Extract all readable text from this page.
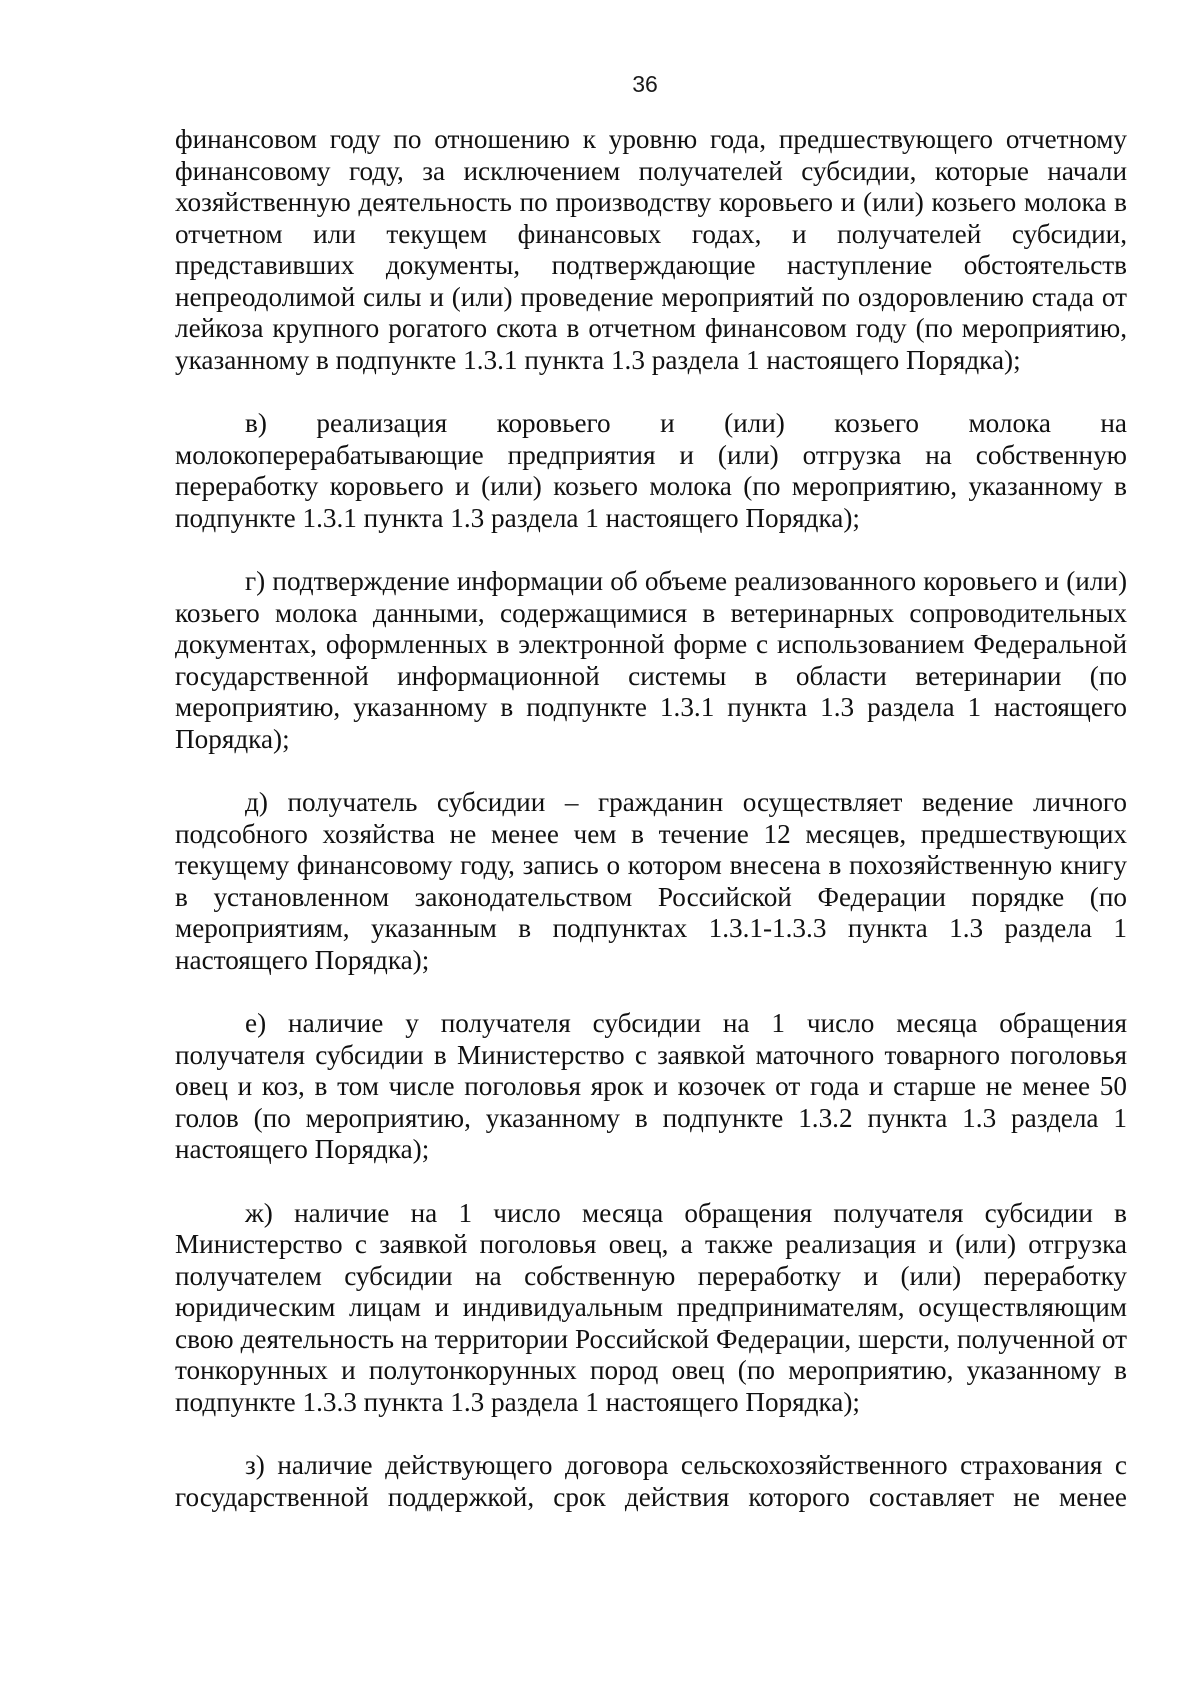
36

финансовом году по отношению к уровню года, предшествующего отчетному финансовому году, за исключением получателей субсидии, которые начали хозяйственную деятельность по производству коровьего и (или) козьего молока в отчетном или текущем финансовых годах, и получателей субсидии, представивших документы, подтверждающие наступление обстоятельств непреодолимой силы и (или) проведение мероприятий по оздоровлению стада от лейкоза крупного рогатого скота в отчетном финансовом году (по мероприятию, указанному в подпункте 1.3.1 пункта 1.3 раздела 1 настоящего Порядка);

в) реализация коровьего и (или) козьего молока на молокоперерабатывающие предприятия и (или) отгрузка на собственную переработку коровьего и (или) козьего молока (по мероприятию, указанному в подпункте 1.3.1 пункта 1.3 раздела 1 настоящего Порядка);

г) подтверждение информации об объеме реализованного коровьего и (или) козьего молока данными, содержащимися в ветеринарных сопроводительных документах, оформленных в электронной форме с использованием Федеральной государственной информационной системы в области ветеринарии (по мероприятию, указанному в подпункте 1.3.1 пункта 1.3 раздела 1 настоящего Порядка);

д) получатель субсидии – гражданин осуществляет ведение личного подсобного хозяйства не менее чем в течение 12 месяцев, предшествующих текущему финансовому году, запись о котором внесена в похозяйственную книгу в установленном законодательством Российской Федерации порядке (по мероприятиям, указанным в подпунктах 1.3.1-1.3.3 пункта 1.3 раздела 1 настоящего Порядка);

е) наличие у получателя субсидии на 1 число месяца обращения получателя субсидии в Министерство с заявкой маточного товарного поголовья овец и коз, в том числе поголовья ярок и козочек от года и старше не менее 50 голов (по мероприятию, указанному в подпункте 1.3.2 пункта 1.3 раздела 1 настоящего Порядка);

ж) наличие на 1 число месяца обращения получателя субсидии в Министерство с заявкой поголовья овец, а также реализация и (или) отгрузка получателем субсидии на собственную переработку и (или) переработку юридическим лицам и индивидуальным предпринимателям, осуществляющим свою деятельность на территории Российской Федерации, шерсти, полученной от тонкорунных и полутонкорунных пород овец (по мероприятию, указанному в подпункте 1.3.3 пункта 1.3 раздела 1 настоящего Порядка);

з) наличие действующего договора сельскохозяйственного страхования с государственной поддержкой, срок действия которого составляет не менее
